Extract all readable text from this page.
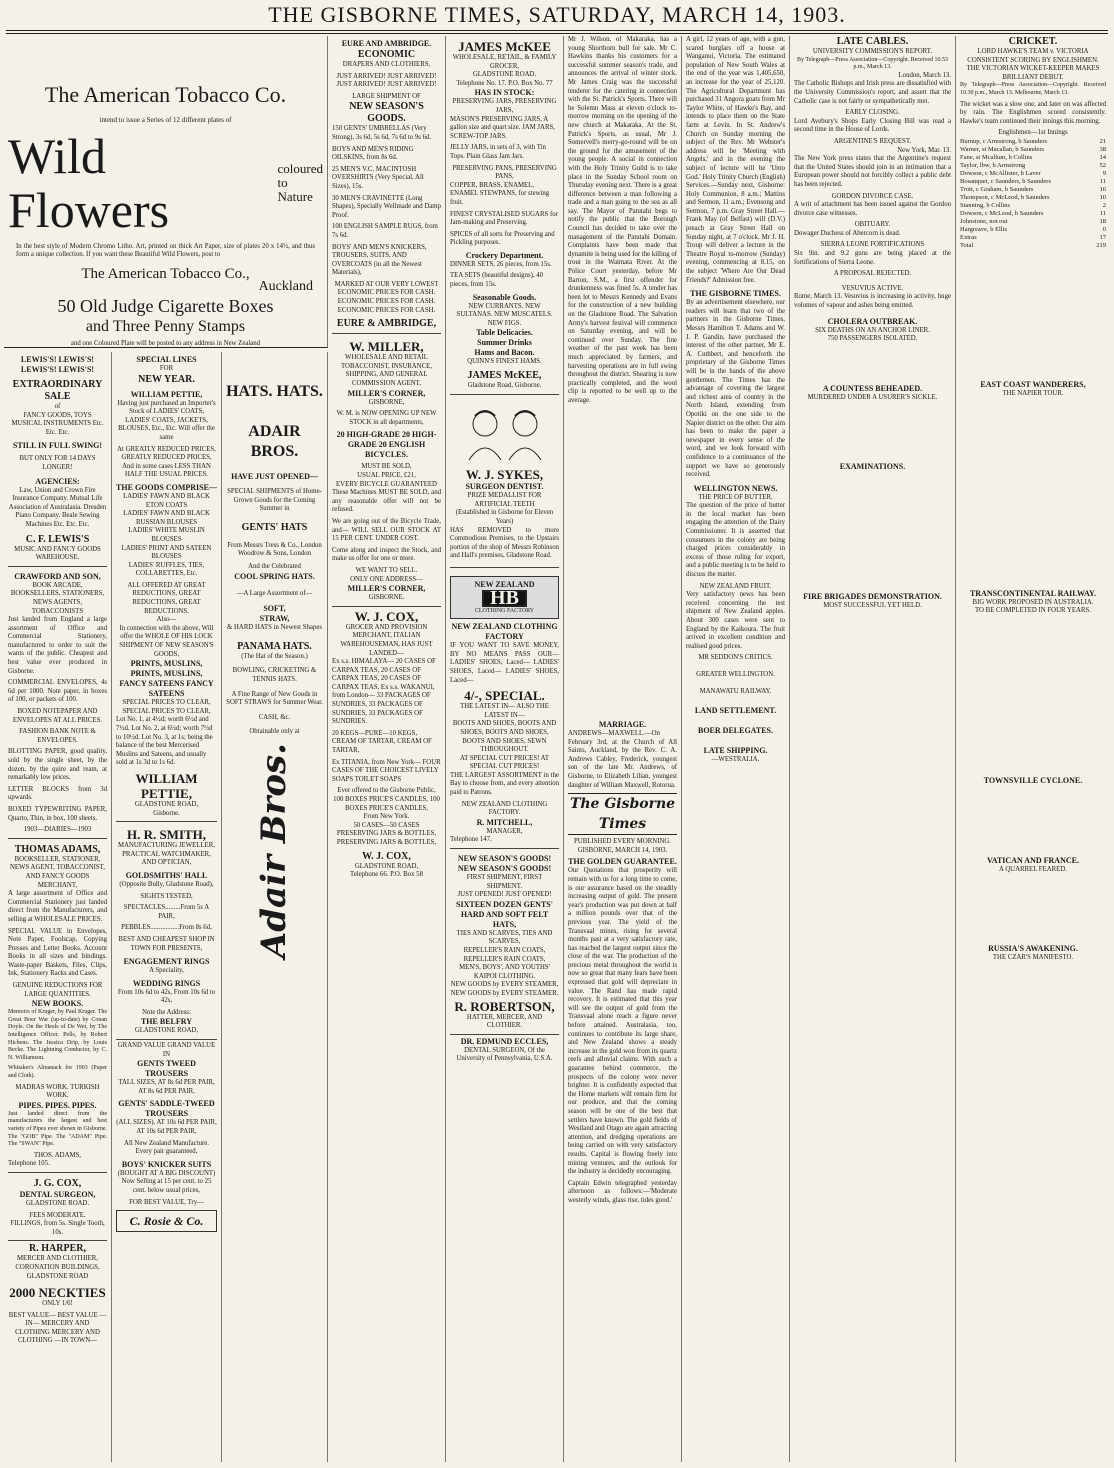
THE GISBORNE TIMES, SATURDAY, MARCH 14, 1903.
The American Tobacco Co.
intend to issue a Series of 12 different plates of
Wild Flowers
coloured
to
Nature

In the best style of Modern Chromo Litho. Art, printed on thick Art Paper, size of plates 20 x 14½, and thus form a unique collection. If you want these Beautiful Wild Flowers, post to

The American Tobacco Co.,
Auckland
50 Old Judge Cigarette Boxes
and Three Penny Stamps
and one Coloured Plate will be posted to any address in New Zealand
LEWIS'S! LEWIS'S! LEWIS'S! LEWIS'S!
EXTRAORDINARY SALE
of
FANCY GOODS, TOYS MUSICAL INSTRUMENTS Etc. Etc. Etc.
STILL IN FULL SWING!
BUT ONLY FOR 14 DAYS LONGER!
AGENCIES:
Law, Union and Crown Fire Insurance Company. Mutual Life Association of Australasia. Dresden Piano Company. Beale Sewing Machines Etc. Etc. Etc.
C. F. LEWIS'S
MUSIC AND FANCY GOODS WAREHOUSE.
CRAWFORD AND SON,
BOOK ARCADE,
BOOKSELLERS, STATIONERS, NEWS AGENTS, TOBACCONISTS

Just landed from England a large assortment of Office and Commercial Stationery, manufactured to order to suit the wants of the public. Cheapest and best value ever produced in Gisborne.

COMMERCIAL ENVELOPES, 4s 6d per 1000. Note paper, in boxes of 100, or packets of 100.

BOXED NOTEPAPER AND ENVELOPES AT ALL PRICES.

FASHION BANK NOTE & ENVELOPES.

BLOTTING PAPER, good quality, sold by the single sheet, by the dozen, by the quire and ream, at remarkably low prices.

LETTER BLOCKS from 3d upwards.

BOXED TYPEWRITING PAPER, Quarto, Thin, in box, 100 sheets.

1903—DIARIES—1903
THOMAS ADAMS,
BOOKSELLER, STATIONER, NEWS AGENT, TOBACCONIST, AND FANCY GOODS MERCHANT,

A large assortment of Office and Commercial Stationery just landed direct from the Manufacturers, and selling at WHOLESALE PRICES.

SPECIAL VALUE in Envelopes, Note Paper, Foolscap, Copying Presses and Letter Books. Account Books in all sizes and bindings. Waste-paper Baskets, Files, Clips, Ink, Stationery Racks and Cases.

GENUINE REDUCTIONS FOR LARGE QUANTITIES.
NEW BOOKS.

Memoirs of Kruger, by Paul Kruger. The Great Boer War (up-to-date) by Conan Doyle. On the Heels of De Wet, by The Intelligence Officer. Pells, by Robert Hichens. The Jessica Drip, by Louis Becke. The Lightning Conductor, by C. N. Williamson.

Whitaker's Almanack for 1903 (Paper and Cloth).

MADRAS WORK. TURKISH WORK.
PIPES. PIPES. PIPES.

Just landed direct from the manufacturers the largest and best variety of Pipes ever shown in Gisborne. The "GOB" Pipe. The "ADAM" Pipe. The "SWAN" Pipe.

THOS. ADAMS,
Telephone 105.
J. G. COX,
DENTAL SURGEON,
GLADSTONE ROAD.
FEES MODERATE.
FILLINGS, from 5s. Single Tooth, 10s.
R. HARPER,
MERCER AND CLOTHIER, CORONATION BUILDINGS, GLADSTONE ROAD
2000 NECKTIES
ONLY 1/6!
BEST VALUE— BEST VALUE —IN— MERCERY AND CLOTHING MERCERY AND CLOTHING —IN TOWN—
SPECIAL LINES
FOR
NEW YEAR.
WILLIAM PETTIE,
Having just purchased an Importer's Stock of LADIES' COATS, LADIES' COATS, JACKETS, BLOUSES, Etc., Etc. Will offer the same
At GREATLY REDUCED PRICES, GREATLY REDUCED PRICES, And in some cases LESS THAN HALF THE USUAL PRICES.
THE GOODS COMPRISE—
LADIES' FAWN AND BLACK ETON COATS
LADIES' FAWN AND BLACK RUSSIAN BLOUSES
LADIES' WHITE MUSLIN BLOUSES
LADIES' PRINT AND SATEEN BLOUSES
LADIES' RUFFLES, TIES, COLLARETTES, Etc.
ALL OFFERED AT GREAT REDUCTIONS, GREAT REDUCTIONS, GREAT REDUCTIONS.
Also—
In connection with the above, Will offer the WHOLE OF HIS LOCK SHIPMENT OF NEW SEASON'S GOODS,
PRINTS, MUSLINS, PRINTS, MUSLINS,
FANCY SATEENS FANCY SATEENS
SPECIAL PRICES TO CLEAR, SPECIAL PRICES TO CLEAR,

Lot No. 1, at 4½d; worth 6½d and 7½d. Lot No. 2, at 6½d; worth 7½d to 10½d. Lot No. 3, at 1s; being the balance of the best Mercerised Muslins and Sateens, and usually sold at 1s 3d to 1s 6d.

WILLIAM
PETTIE,
GLADSTONE ROAD,
Gisborne.
H. R. SMITH,
MANUFACTURING JEWELLER, PRACTICAL WATCHMAKER, AND OPTICIAN,
GOLDSMITHS' HALL
(Opposite Bully, Gladstone Road),
SIGHTS TESTED,
SPECTACLES.........From 5s A PAIR,
PEBBLES.................From 8s 6d,
BEST AND CHEAPEST SHOP IN TOWN FOR PRESENTS,
ENGAGEMENT RINGS
A Speciality,
WEDDING RINGS
From 10s 6d to 42s, From 10s 6d to 42s,
Note the Address:
THE BELFRY
GLADSTONE ROAD,
GRAND VALUE GRAND VALUE IN
GENTS TWEED TROUSERS
TALL SIZES, AT 8s 6d PER PAIR, AT 8s 6d PER PAIR,
GENTS' SADDLE-TWEED TROUSERS
(ALL SIZES), AT 10s 6d PER PAIR, AT 10s 6d PER PAIR,
All New Zealand Manufacture. Every pair guaranteed,
BOYS' KNICKER SUITS
(BOUGHT AT A BIG DISCOUNT) Now Selling at 15 per cent. to 25 cent. below usual prices,
FOR BEST VALUE, Try—
C. Rosie & Co.
HATS. HATS.
ADAIR BROS.
HAVE JUST OPENED—
SPECIAL SHIPMENTS of Home-Grown Goods for the Coming Summer in
GENTS' HATS
From Messrs Tress & Co., London Woodrow & Sons, London
And the Celebrated
COOL SPRING HATS.
—A Large Assortment of—
SOFT,
STRAW,
& HARD HATS in Newest Shapes
PANAMA HATS.
(The Hat of the Season.)
BOWLING, CRICKETING & TENNIS HATS.
A Fine Range of New Goods in SOFT STRAWS for Summer Wear.
CASH, &c.
Obtainable only at
Adair Bros.
EURE AND AMBRIDGE.
ECONOMIC
DRAPERS AND CLOTHIERS,
JUST ARRIVED! JUST ARRIVED! JUST ARRIVED! JUST ARRIVED!
LARGE SHIPMENT OF
NEW SEASON'S GOODS.

150 GENTS' UMBRELLAS (Very Strong), 3s 6d, 5s 6d, 7s 6d to 9s 6d.

BOYS AND MEN'S RIDING OILSKINS, from 8s 6d.

25 MEN'S V.C. MACINTOSH OVERSHIRTS (Very Special, All Sizes), 15s.

30 MEN'S CRAVINETTE (Long Shapes), Specially Wellmade and Damp Proof.

100 ENGLISH SAMPLE RUGS, from 7s 6d.

BOYS' AND MEN'S KNICKERS, TROUSERS, SUITS, AND OVERCOATS (in all the Newest Materials),

MARKED AT OUR VERY LOWEST
ECONOMIC PRICES FOR CASH. ECONOMIC PRICES FOR CASH. ECONOMIC PRICES FOR CASH.
EURE & AMBRIDGE,
W. MILLER,
WHOLESALE AND RETAIL TOBACCONIST, INSURANCE, SHIPPING, AND GENERAL COMMISSION AGENT,
MILLER'S CORNER,
GISBORNE,
W. M. is NOW OPENING UP NEW STOCK in all departments,
20 HIGH-GRADE 20 HIGH-GRADE 20 ENGLISH BICYCLES.
MUST BE SOLD,
USUAL PRICE, £21,
EVERY BICYCLE GUARANTEED

These Machines MUST BE SOLD, and any reasonable offer will not be refused.

We are going out of the Bicycle Trade, and— WILL SELL OUR STOCK AT 15 PER CENT. UNDER COST.

Come along and inspect the Stock, and make us offer for one or more.

WE WANT TO SELL.
ONLY ONE ADDRESS—
MILLER'S CORNER,
GISBORNE.
W. J. COX,
GROCER AND PROVISION MERCHANT, ITALIAN WAREHOUSEMAN, HAS JUST LANDED—

Ex s.s. HIMALAYA— 20 CASES OF CARPAX TEAS, 20 CASES OF CARPAX TEAS, 20 CASES OF CARPAX TEAS, Ex s.s. WAKANUI, from London— 33 PACKAGES OF SUNDRIES, 33 PACKAGES OF SUNDRIES, 33 PACKAGES OF SUNDRIES.

20 KEGS—PURE—10 KEGS, CREAM OF TARTAR, CREAM OF TARTAR,

Ex TITANIA, from New York— FOUR CASES OF THE CHOICEST LIVELY SOAPS TOILET SOAPS

Ever offered to the Gisborne Public,
100 BOXES PRICE'S CANDLES, 100 BOXES PRICE'S CANDLES,
From New York.
50 CASES—50 CASES PRESERVING JARS & BOTTLES, PRESERVING JARS & BOTTLES,
W. J. COX,
GLADSTONE ROAD,
Telephone 66. P.O. Box 58
JAMES McKEE
WHOLESALE, RETAIL, & FAMILY GROCER,
GLADSTONE ROAD.
Telephone No. 17. P.O. Box No. 77
HAS IN STOCK:
PRESERVING JARS, PRESERVING JARS,

MASON'S PRESERVING JARS, A gallon size and quart size. JAM JARS, SCREW-TOP JARS.

JELLY JARS, in sets of 3, with Tin Tops. Plain Glass Jam Jars.

PRESERVING PANS, PRESERVING PANS,

COPPER, BRASS, ENAMEL, ENAMEL STEWPANS, for stewing fruit.

FINEST CRYSTALISED SUGARS for Jam-making and Preserving.

SPICES of all sorts for Preserving and Pickling purposes.

Crockery Department.

DINNER SETS, 26 pieces, from 15s.

TEA SETS (beautiful designs), 40 pieces, from 15s.

Seasonable Goods.
NEW CURRANTS. NEW SULTANAS. NEW MUSCATELS. NEW FIGS.
Table Delicacies.
Summer Drinks
Hams and Bacon.
QUINN'S FINEST HAMS.
JAMES McKEE,
Gladstone Road, Gisborne.
W. J. SYKES,
SURGEON DENTIST.
PRIZE MEDALLIST FOR ARTIFICIAL TEETH
(Established in Gisborne for Eleven Years)

HAS REMOVED to more Commodious Premises, to the Upstairs portion of the shop of Messrs Robinson and Hall's premises, Gladstone Road.

NEW ZEALAND
HB
CLOTHING FACTORY
NEW ZEALAND CLOTHING FACTORY

IF YOU WANT TO SAVE MONEY, BY NO MEANS PASS OUR— LADIES' SHOES, Laced— LADIES' SHOES, Laced— LADIES' SHOES, Laced—

4/-, SPECIAL.
THE LATEST IN— ALSO THE LATEST IN—
BOOTS AND SHOES, BOOTS AND SHOES, BOOTS AND SHOES, BOOTS AND SHOES, SEWN THROUGHOUT.
AT SPECIAL CUT PRICES! AT SPECIAL CUT PRICES!

THE LARGEST ASSORTMENT in the Bay to choose from, and every attention paid to Patrons.

NEW ZEALAND CLOTHING FACTORY.
R. MITCHELL,
MANAGER,
Telephone 147.
NEW SEASON'S GOODS! NEW SEASON'S GOODS!
FIRST SHIPMENT, FIRST SHIPMENT.
JUST OPENED! JUST OPENED!
SIXTEEN DOZEN GENTS' HARD AND SOFT FELT HATS,
TIES AND SCARVES, TIES AND SCARVES,
REPELLER'S RAIN COATS, REPELLER'S RAIN COATS,
MEN'S, BOYS', AND YOUTHS' KAIPOI CLOTHING.
NEW GOODS by EVERY STEAMER, NEW GOODS by EVERY STEAMER.
R. ROBERTSON,
HATTER, MERCER, AND CLOTHIER.
DR. EDMUND ECCLES,
DENTAL SURGEON, Of the University of Pennsylvania, U.S.A.
MARRIAGE.

ANDREWS—MAXWELL.—On February 3rd, at the Church of All Saints, Auckland, by the Rev. C. A. Andrews Cabley, Frederick, youngest son of the late Mr. Andrews, of Gisborne, to Elizabeth Lilian, youngest daughter of William Maxwell, Rotorua.

The Gisborne Times
PUBLISHED EVERY MORNING.
GISBORNE, MARCH 14, 1903.
THE GOLDEN GUARANTEE.

Our Quotations that prosperity will remain with us for a long time to come, is our assurance based on the steadily increasing output of gold. The present year's production was put down at half a million pounds over that of the previous year. The yield of the Transvaal mines, rising for several months past at a very satisfactory rate, has reached the largest output since the close of the war. The production of the precious metal throughout the world is now so great that many fears have been expressed that gold will depreciate in value. The Rand has made rapid recovery. It is estimated that this year will see the output of gold from the Transvaal alone reach a figure never before attained. Australasia, too, continues to contribute its large share, and New Zealand shows a steady increase in the gold won from its quartz reefs and alluvial claims. With such a guarantee behind commerce, the prospects of the colony were never brighter. It is confidently expected that the Home markets will remain firm for our produce, and that the coming season will be one of the best that settlers have known. The gold fields of Westland and Otago are again attracting attention, and dredging operations are being carried on with very satisfactory results. Capital is flowing freely into mining ventures, and the outlook for the industry is decidedly encouraging.

Captain Edwin telegraphed yesterday afternoon as follows:—'Moderate westerly winds, glass rise, tides good.'

Mr J. Wilson, of Makaraka, has a young Shorthorn bull for sale. Mr C. Hawkins thanks his customers for a successful summer season's trade, and announces the arrival of winter stock. Mr James Craig was the successful tenderer for the catering in connection with the St. Patrick's Sports. There will be Solemn Mass at eleven o'clock to-morrow morning on the opening of the new church at Makaraka. At the St. Patrick's Sports, as usual, Mr J. Somervell's merry-go-round will be on the ground for the amusement of the young people. A social in connection with the Holy Trinity Guild is to take place in the Sunday School room on Thursday evening next. There is a great difference between a man following a trade and a man going to the sea as all say. The Mayor of Patutahi begs to notify the public that the Borough Council has decided to take over the management of the Patutahi Domain. Complaints have been made that dynamite is being used for the killing of trout in the Waimata River. At the Police Court yesterday, before Mr Barton, S.M., a first offender for drunkenness was fined 5s. A tender has been let to Messrs Kennedy and Evans for the construction of a new building on the Gladstone Road. The Salvation Army's harvest festival will commence on Saturday evening, and will be continued over Sunday. The fine weather of the past week has been much appreciated by farmers, and harvesting operations are in full swing throughout the district. Shearing is now practically completed, and the wool clip is reported to be well up to the average.

A girl, 12 years of age, with a gun, scared burglars off a house at Wanganui, Victoria. The estimated population of New South Wales at the end of the year was 1,405,650, an increase for the year of 25,120. The Agricultural Department has purchased 31 Angora goats from Mr Taylor White, of Hawke's Bay, and intends to place them on the State farm at Levin. In St. Andrew's Church on Sunday morning the subject of the Rev. Mr Webster's address will be 'Meeting with Angels,' and in the evening the subject of lecture will be 'Unto God.' Holy Trinity Church (English) Services.—Sunday next, Gisborne: Holy Communion, 8 a.m.; Mattins and Sermon, 11 a.m.; Evensong and Sermon, 7 p.m. Gray Street Hall.—Frank May (of Belfast) will (D.V.) preach at Gray Street Hall on Sunday night, at 7 o'clock. Mr J. H. Troup will deliver a lecture in the Theatre Royal to-morrow (Sunday) evening, commencing at 8.15, on the subject 'Where Are Our Dead Friends?' Admission free.

THE GISBORNE TIMES.

By an advertisement elsewhere, our readers will learn that two of the partners in the Gisborne Times, Messrs Hamilton T. Adams and W. J. P. Gandin, have purchased the interest of the other partner, Mr E. A. Cuthbert, and henceforth the proprietary of the Gisborne Times will be in the hands of the above gentlemen. The Times has the advantage of covering the largest and richest area of country in the North Island, extending from Opotiki on the one side to the Napier district on the other. Our aim has been to make the paper a newspaper in every sense of the word, and we look forward with confidence to a continuance of the support we have so generously received.

WELLINGTON NEWS.
THE PRICE OF BUTTER.

The question of the price of butter in the local market has been engaging the attention of the Dairy Commissioner. It is asserted that consumers in the colony are being charged prices considerably in excess of those ruling for export, and a public meeting is to be held to discuss the matter.

NEW ZEALAND FRUIT.

Very satisfactory news has been received concerning the test shipment of New Zealand apples. About 300 cases were sent to England by the Kaikoura. The fruit arrived in excellent condition and realised good prices.

MR SEDDON'S CRITICS.
GREATER WELLINGTON.
MANAWATU RAILWAY.
LAND SETTLEMENT.
BOER DELEGATES.
LATE SHIPPING.
—WESTRALIA.
LATE CABLES.
UNIVERSITY COMMISSION'S REPORT.
By Telegraph—Press Association—Copyright. Received 10.53 p.m., March 13.
London, March 13.

The Catholic Bishops and Irish press are dissatisfied with the University Commission's report, and assert that the Catholic case is not fairly or sympathetically met.

EARLY CLOSING.

Lord Avebury's Shops Early Closing Bill was read a second time in the House of Lords.

ARGENTINE'S REQUEST.
New York, Mar. 13.

The New York press states that the Argentine's request that the United States should join in an intimation that a European power should not forcibly collect a public debt has been rejected.

GORDON DIVORCE CASE.

A writ of attachment has been issued against the Gordon divorce case witnesses.

OBITUARY.

Dowager Duchess of Abercorn is dead.

SIERRA LEONE FORTIFICATIONS

Six 9in. and 9.2 guns are being placed at the fortifications of Sierra Leone.

A PROPOSAL REJECTED.
VESUVIUS ACTIVE.

Rome, March 13. Vesuvius is increasing in activity, huge volumes of vapour and ashes being emitted.

CHOLERA OUTBREAK.
SIX DEATHS ON AN ANCHOR LINER.
750 PASSENGERS ISOLATED.
A COUNTESS BEHEADED.
MURDERED UNDER A USURER'S SICKLE.
EXAMINATIONS.
FIRE BRIGADES DEMONSTRATION.
MOST SUCCESSFUL YET HELD.
CRICKET.
LORD HAWKE'S TEAM v. VICTORIA
CONSISTENT SCORING BY ENGLISHMEN.
THE VICTORIAN WICKET-KEEPER MAKES BRILLIANT DEBUT.

By Telegraph—Press Association—Copyright. Received 10.30 p.m., March 13. Melbourne, March 13.

The wicket was a slow one, and later on was affected by rain. The Englishmen scored consistently. Hawke's team continued their innings this morning.

Englishmen—1st Innings
Burnup, c Armstrong, b Saunders	21
Warner, st Macallan, b Saunders	38
Fane, st Mcallum, b Collins	14
Taylor, lbw, b Armstrong	52
Dowson, c McAllister, b Laver	9
Bosanquet, c Saunders, b Saunders	11
Trott, c Graham, b Saunders	16
Thompson, c McLeod, b Saunders	10
Stanning, b Collins	2
Dowson, c McLeod, b Saunders	11
Johnstone, not out	18
Hargreave, b Ellis	0
Extras	17
Total	219
EAST COAST WANDERERS,
THE NAPIER TOUR.
TRANSCONTINENTAL RAILWAY.
BIG WORK PROPOSED IN AUSTRALIA.
TO BE COMPLETED IN FOUR YEARS.
TOWNSVILLE CYCLONE.
VATICAN AND FRANCE.
A QUARREL FEARED.
RUSSIA'S AWAKENING.
THE CZAR'S MANIFESTO.
